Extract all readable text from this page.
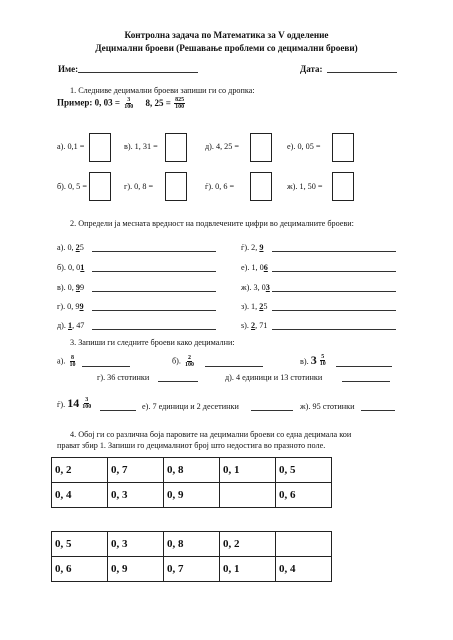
Контролна задача по Математика за V одделение
Децимални броеви (Решавање проблеми со децимални броеви)
Име:	Дата:
1. Следниве децимални броеви запиши ги со дропка:
Пример: 0, $03 = \frac{3}{100} 8$, $25 = \frac{825}{100}$
а). 0,1 =	в). 1, 31 =	д). 4, 25 =	е). 0, 05 =
б). 0, 5 =	г). 0, 8 =	ѓ). 0, 6 =	ж). 1, 50 =
2. Определи ја месната вредност на подвлечените цифри во децималните броеви:
3. Запиши ги следните броеви како децимални:
а). $\frac{8}{10}$	б). $\frac{2}{100}$	в). $3 \frac{5}{10}$
г). 36 стотинки	д). 4 единици и 13 стотинки
ѓ). $14 \frac{3}{100}$	е). 7 единици и 2 десетинки	ж). 95 стотинки
4. Обој ги со различна боја паровите на децимални броеви со една децимала кои
прават збир 1. Запиши го децималниот број што недостига во празното поле.
0, 2	0, 7	0, 8	0, 1	0, 5
0, 4	0, 3	0, 9		0, 6
0, 5	0, 3	0, 8	0, 2	
0, 6	0, 9	0, 7	0, 1	0, 4
а). 0, 25
б). 0, 01
в). 0, 99
г). 0, 99
д). 1, 47
ѓ). 2, 9
е). 1, 06
ж). 3, 03
з). 1, 25
ѕ). 2, 71
